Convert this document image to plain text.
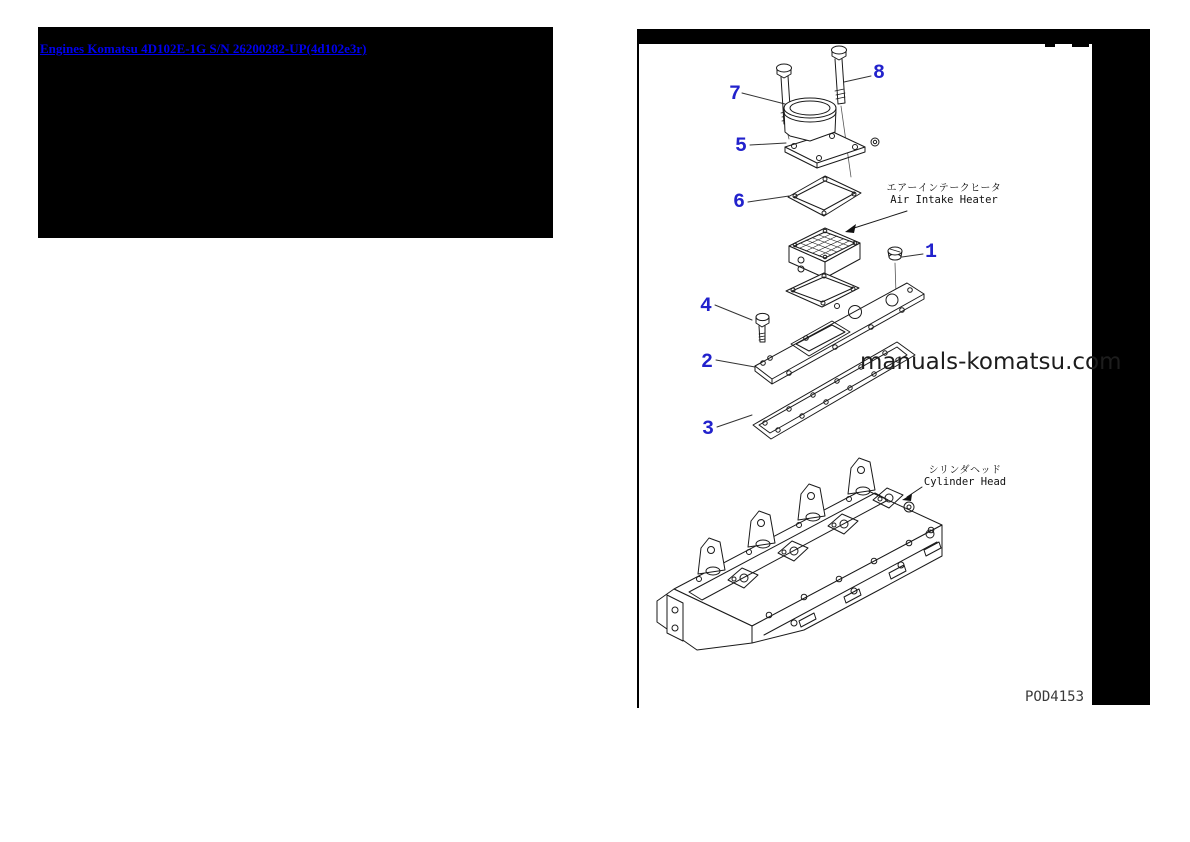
Engines Komatsu 4D102E-1G S/N 26200282-UP(4d102e3r)
1
2
3
4
5
6
7
8
エアーインテークヒータ
Air Intake Heater
シリンダヘッド
Cylinder Head
manuals-komatsu.com
POD4153
